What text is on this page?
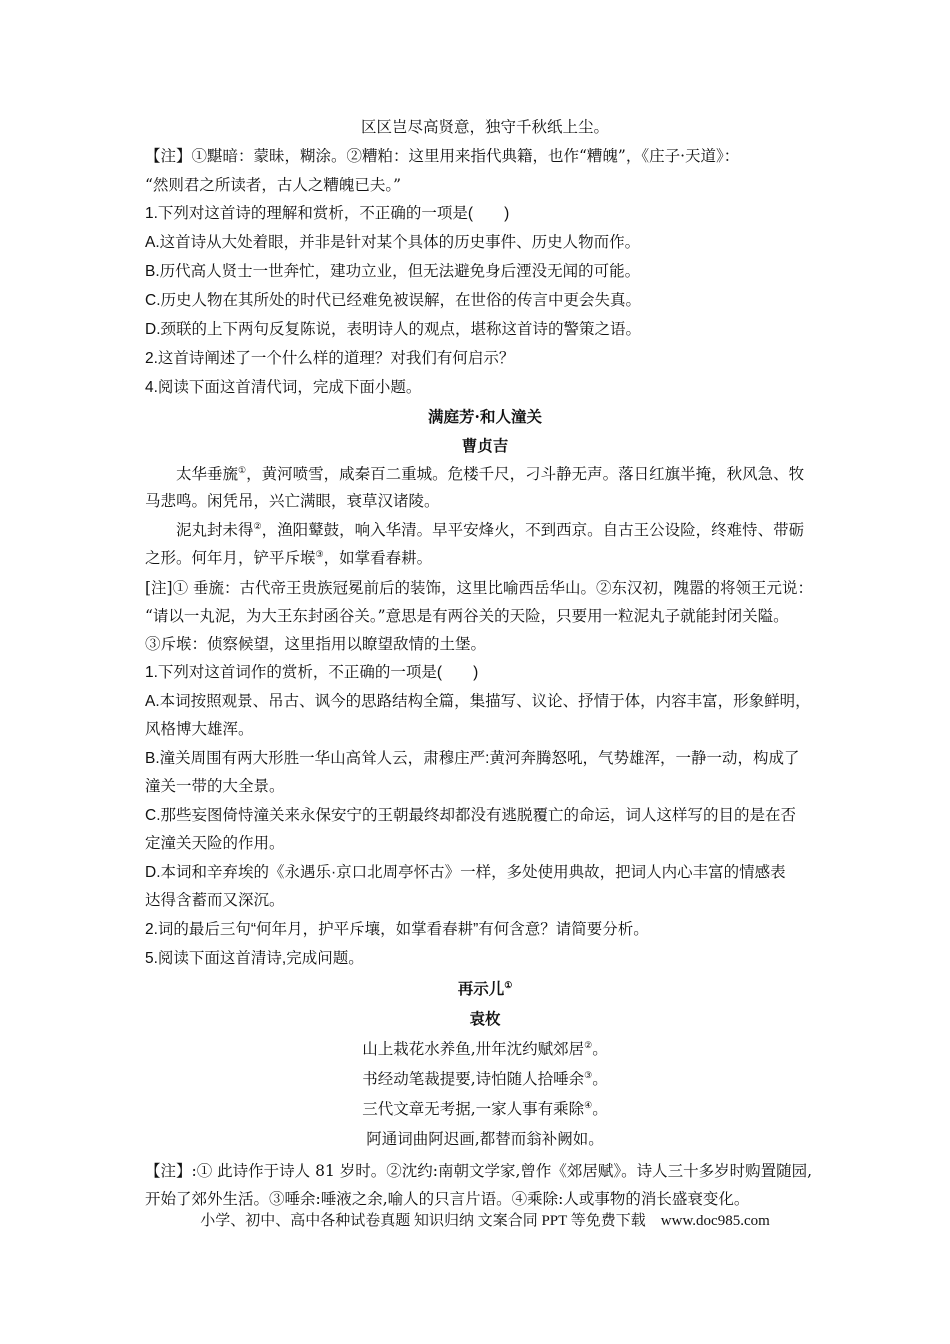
区区岂尽高贤意，独守千秋纸上尘。
【注】①黮暗：蒙昧，糊涂。②糟粕：这里用来指代典籍，也作“糟魄”，《庄子·天道》：
“然则君之所读者，古人之糟魄已夫。”
1.下列对这首诗的理解和赏析，不正确的一项是(　　)
A.这首诗从大处着眼，并非是针对某个具体的历史事件、历史人物而作。
B.历代高人贤士一世奔忙，建功立业，但无法避免身后湮没无闻的可能。
C.历史人物在其所处的时代已经难免被误解，在世俗的传言中更会失真。
D.颈联的上下两句反复陈说，表明诗人的观点，堪称这首诗的警策之语。
2.这首诗阐述了一个什么样的道理？对我们有何启示？
4.阅读下面这首清代词，完成下面小题。
满庭芳·和人潼关
曹贞吉
太华垂旒①，黄河喷雪，咸秦百二重城。危楼千尺，刁斗静无声。落日红旗半掩，秋风急、牧
马悲鸣。闲凭吊，兴亡满眼，衰草汉诸陵。
泥丸封未得②，渔阳鼙鼓，响入华清。早平安烽火，不到西京。自古王公设险，终难恃、带砺
之形。何年月，铲平斥堠③，如掌看春耕。
[注]① 垂旒：古代帝王贵族冠冕前后的装饰，这里比喻西岳华山。②东汉初，隗嚣的将领王元说：
“请以一丸泥，为大王东封函谷关。”意思是有两谷关的天险，只要用一粒泥丸子就能封闭关隘。
③斥堠：侦察候望，这里指用以瞭望敌情的土堡。
1.下列对这首词作的赏析，不正确的一项是(　　)
A.本词按照观景、吊古、讽今的思路结构全篇，集描写、议论、抒情于体，内容丰富，形象鲜明，
风格博大雄浑。
B.潼关周围有两大形胜一华山高耸人云，肃穆庄严:黄河奔腾怒吼，气势雄浑，一静一动，构成了
潼关一带的大全景。
C.那些妄图倚恃潼关来永保安宁的王朝最终却都没有逃脱覆亡的命运，词人这样写的目的是在否
定潼关天险的作用。
D.本词和辛弃埃的《永遇乐·京口北周亭怀古》一样，多处使用典故，把词人内心丰富的情感表
达得含蓄而又深沉。
2.词的最后三句“何年月，护平斥壤，如掌看春耕”有何含意？请简要分析。
5.阅读下面这首清诗,完成问题。
再示儿①
袁枚
山上栽花水养鱼,卅年沈约赋郊居②。
书经动笔裁提要,诗怕随人拾唾余③。
三代文章无考据,一家人事有乘除④。
阿通词曲阿迟画,都替而翁补阙如。
【注】:① 此诗作于诗人 81 岁时。②沈约:南朝文学家,曾作《郊居赋》。诗人三十多岁时购置随园,
开始了郊外生活。③唾余:唾液之余,喻人的只言片语。④乘除:人或事物的消长盛衰变化。
小学、初中、高中各种试卷真题 知识归纳 文案合同 PPT 等免费下载　www.doc985.com
